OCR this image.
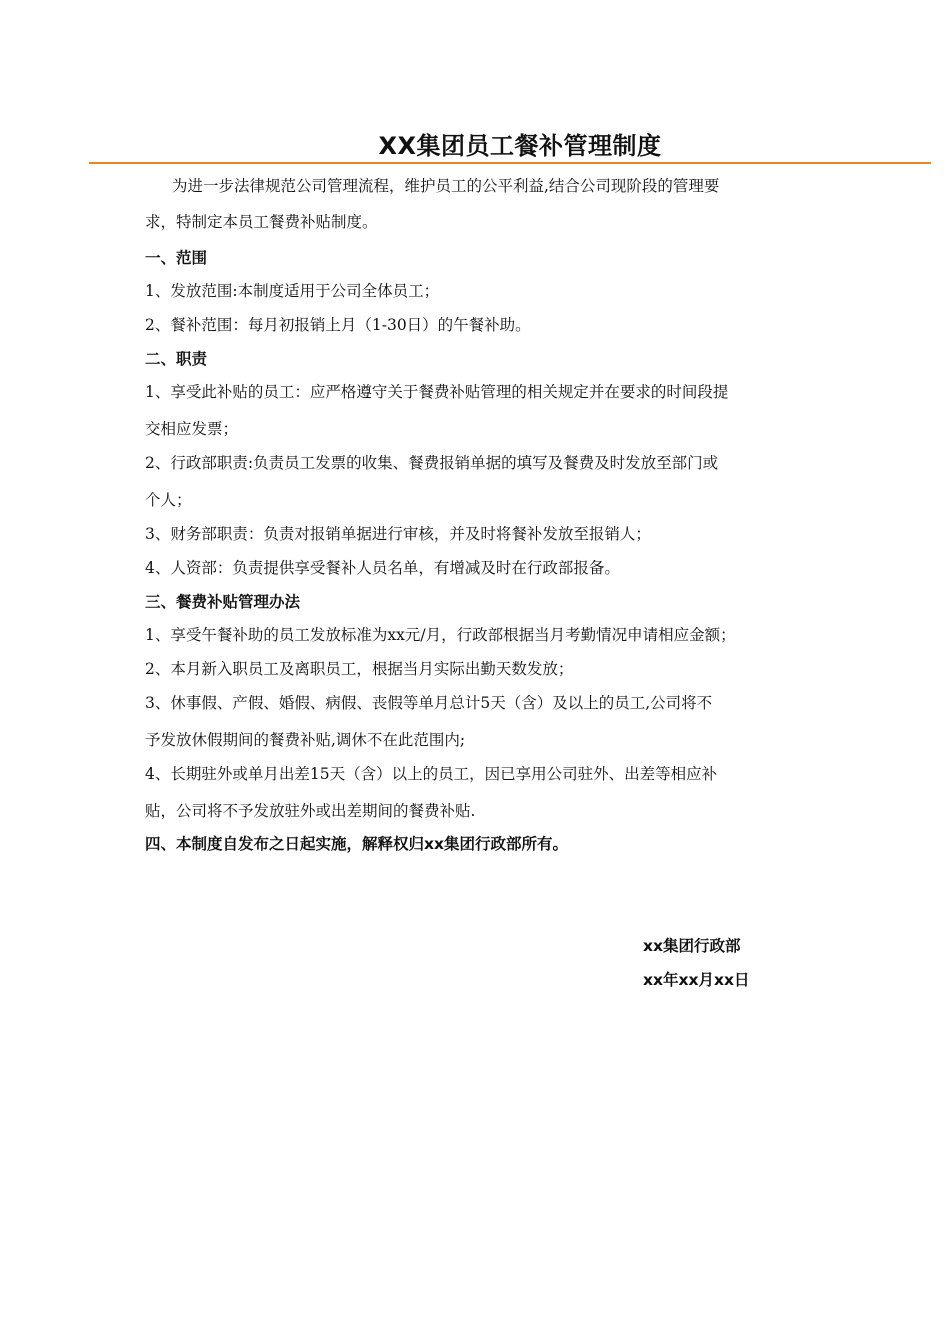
XX集团员工餐补管理制度
为进一步法律规范公司管理流程，维护员工的公平利益,结合公司现阶段的管理要
求，特制定本员工餐费补贴制度。
一、范围
1、发放范围:本制度适用于公司全体员工；
2、餐补范围：每月初报销上月（1-30日）的午餐补助。
二、职责
1、享受此补贴的员工：应严格遵守关于餐费补贴管理的相关规定并在要求的时间段提
交相应发票；
2、行政部职责:负责员工发票的收集、餐费报销单据的填写及餐费及时发放至部门或
个人；
3、财务部职责：负责对报销单据进行审核，并及时将餐补发放至报销人；
4、人资部：负责提供享受餐补人员名单，有增减及时在行政部报备。
三、餐费补贴管理办法
1、享受午餐补助的员工发放标准为xx元/月，行政部根据当月考勤情况申请相应金额；
2、本月新入职员工及离职员工，根据当月实际出勤天数发放；
3、休事假、产假、婚假、病假、丧假等单月总计5天（含）及以上的员工,公司将不
予发放休假期间的餐费补贴,调休不在此范围内;
4、长期驻外或单月出差15天（含）以上的员工，因已享用公司驻外、出差等相应补
贴，公司将不予发放驻外或出差期间的餐费补贴.
四、本制度自发布之日起实施，解释权归xx集团行政部所有。
xx集团行政部
xx年xx月xx日
